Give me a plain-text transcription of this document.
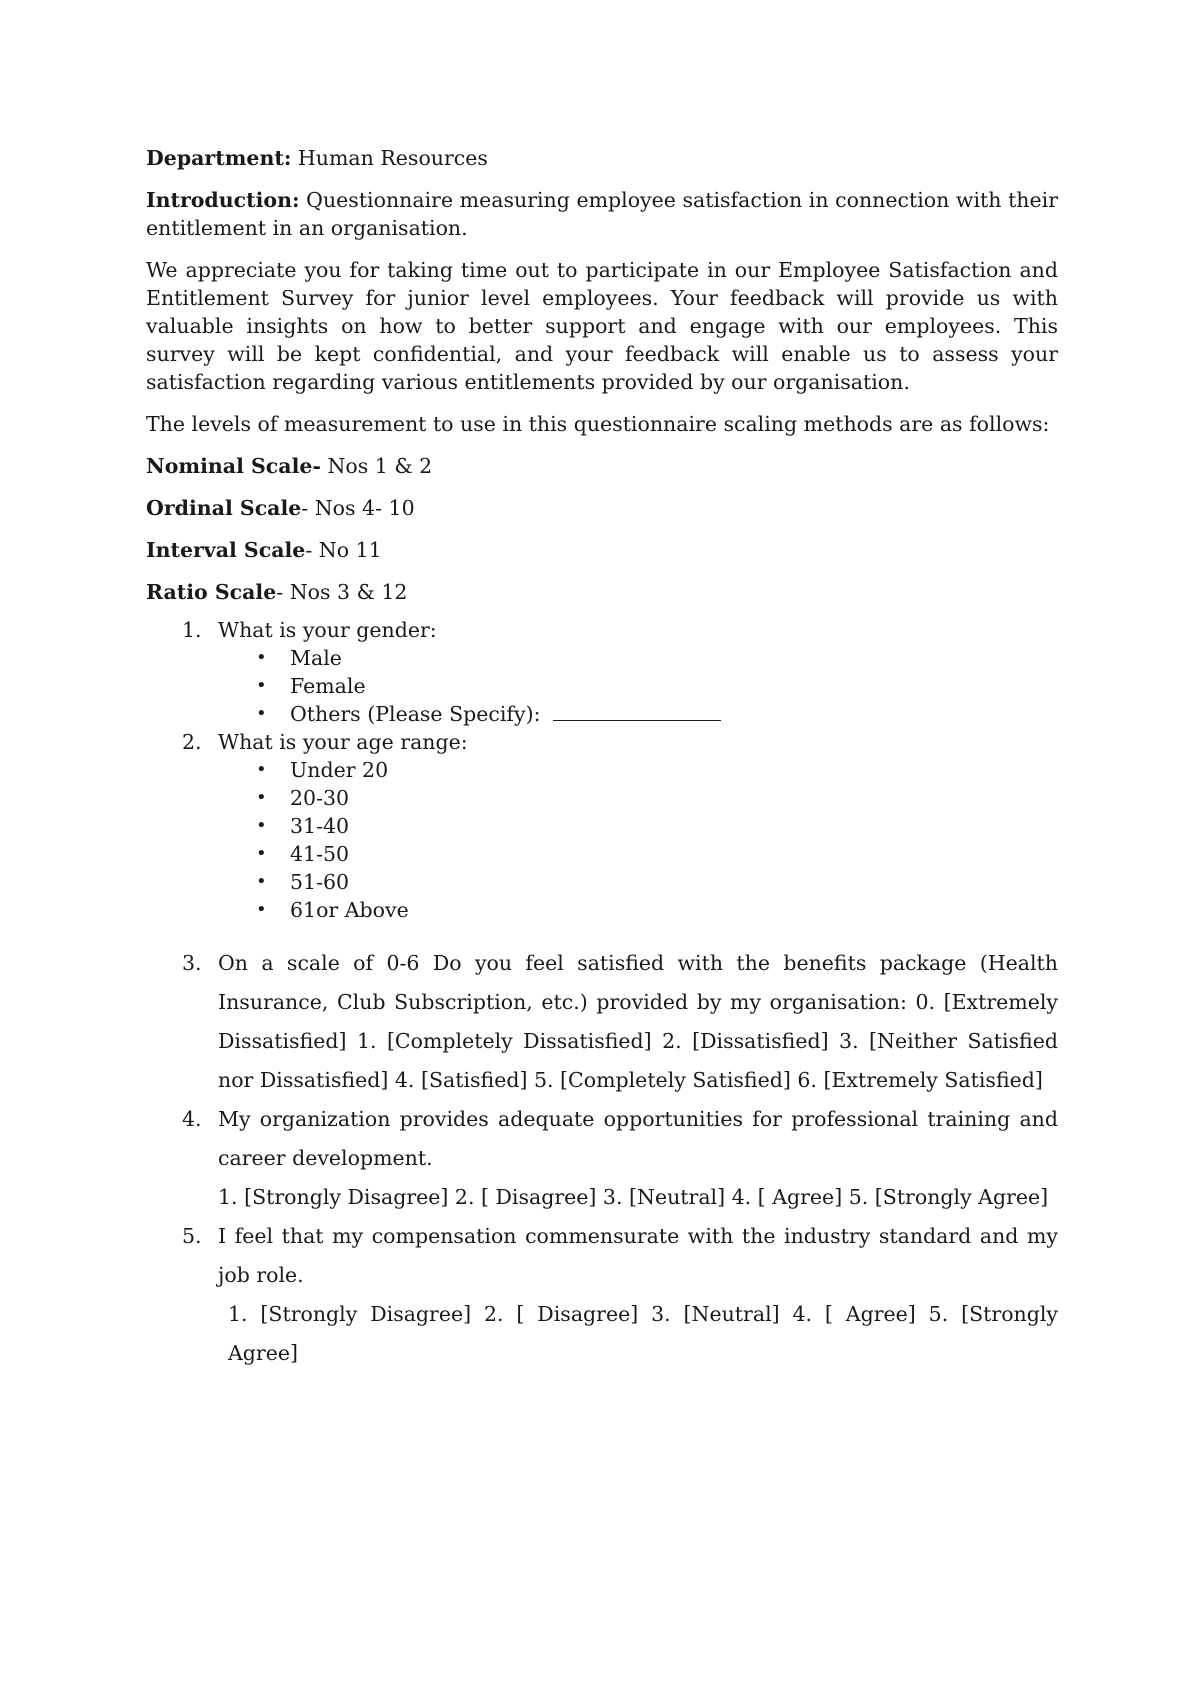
Department: Human Resources

Introduction: Questionnaire measuring employee satisfaction in connection with their entitlement in an organisation.

We appreciate you for taking time out to participate in our Employee Satisfaction and Entitlement Survey for junior level employees. Your feedback will provide us with valuable insights on how to better support and engage with our employees. This survey will be kept confidential, and your feedback will enable us to assess your satisfaction regarding various entitlements provided by our organisation.

The levels of measurement to use in this questionnaire scaling methods are as follows:

Nominal Scale- Nos 1 & 2

Ordinal Scale- Nos 4- 10

Interval Scale- No 11

Ratio Scale- Nos 3 & 12

1. What is your gender:

• Male
• Female
• Others (Please Specify):
2. What is your age range:

• Under 20
• 20-30
• 31-40
• 41-50
• 51-60
• 61or Above
3. On a scale of 0-6 Do you feel satisfied with the benefits package (Health Insurance, Club Subscription, etc.) provided by my organisation: 0. [Extremely Dissatisfied] 1. [Completely Dissatisfied] 2. [Dissatisfied] 3. [Neither Satisfied nor Dissatisfied] 4. [Satisfied] 5. [Completely Satisfied] 6. [Extremely Satisfied]

4. My organization provides adequate opportunities for professional training and career development.

1. [Strongly Disagree] 2. [ Disagree] 3. [Neutral] 4. [ Agree] 5. [Strongly Agree]

5. I feel that my compensation commensurate with the industry standard and my job role.

1. [Strongly Disagree] 2. [ Disagree] 3. [Neutral] 4. [ Agree] 5. [Strongly Agree]
